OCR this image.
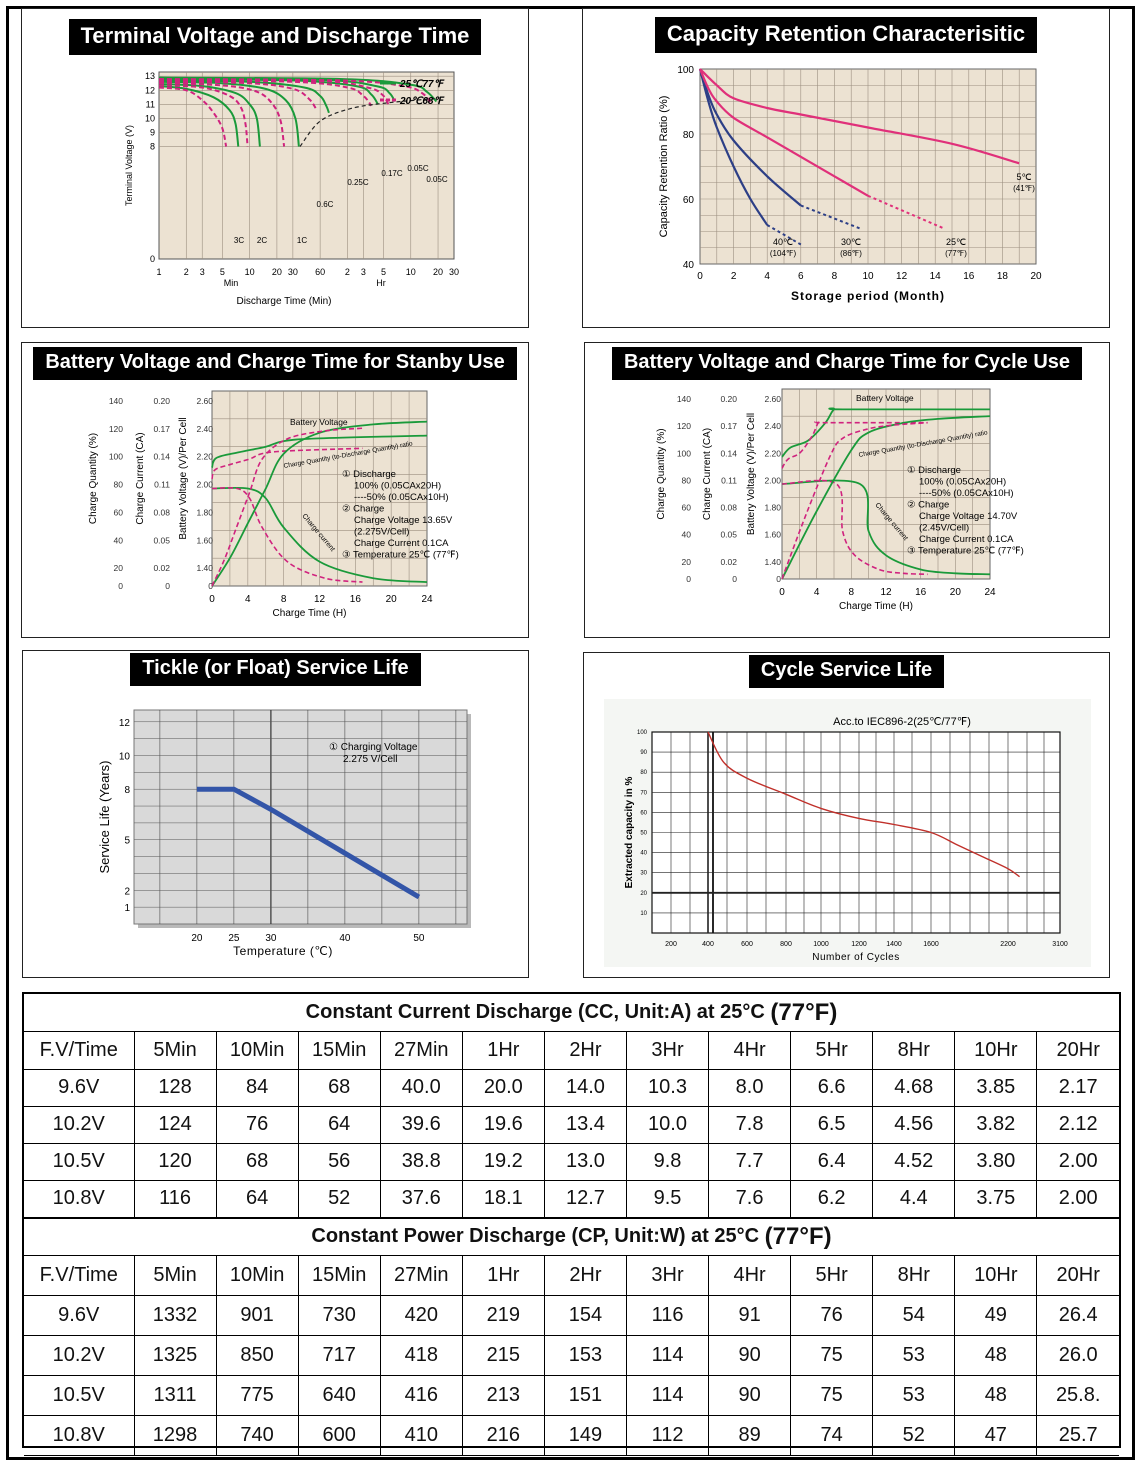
Terminal Voltage and Discharge Time
0
8
9
10
11
12
13
1 2 3 5 10 20 30 60 2 3 5 10 20 30
Min	Hr
Discharge Time (Min)
Terminal Voltage (V)
3C 2C	1C
0.6C
0.25C
0.17C
0.05C
0.05C
25℃77℉
20℃68℉
Capacity Retention Characterisitic
0	2	4	6	8	10 12 14 16 18 20
40
60
80
100
Storage period (Month)
Capacity Retention Ratio (%)
40℃
(104℉)
30℃
(86℉)
25℃
(77℉)
5℃
(41℉)
Battery Voltage and Charge Time for Stanby Use
0	4	8	12 16 20 24
Charge Time (H)
0
20
40
60
80
100
120
140
Charge Quantity (%)
0
0.02
0.05
0.08
0.11
0.14
0.17
0.20
Charge Current (CA)
0
1.40
1.60
1.80
2.00
2.20
2.40
2.60
Battery Voltage (V)/Per Cell	Battery Voltage
Charge Quantity (to-Discharge Quantity) ratio
Charge current
① Discharge
100% (0.05CAx20H)
----50% (0.05CAx10H)
② Charge
Charge Voltage 13.65V
(2.275V/Cell)
Charge Current 0.1CA
③ Temperature 25℃ (77℉)
Battery Voltage and Charge Time for Cycle Use
0	4	8	12 16 20 24
Charge Time (H)
0
20
40
60
80
100
120
140
Charge Quantity (%)
0
0.02
0.05
0.08
0.11
0.14
0.17
0.20
Charge Current (CA)
0
1.40
1.60
1.80
2.00
2.20
2.40
2.60
Battery Voltage (V)/Per Cell
Battery Voltage
Charge Quantity (to-Discharge Quantity) ratio
Charge current
① Discharge
100% (0.05CAx20H)
----50% (0.05CAx10H)
② Charge
Charge Voltage 14.70V
(2.45V/Cell)
Charge Current 0.1CA
③ Temperature 25℃ (77℉)
Tickle (or Float) Service Life
20	25	30	40	50
1
2
5
8
10
12
Temperature (℃)
Service Life (Years)
① Charging Voltage
2.275 V/Cell
Cycle Service Life
200	400	600	800	1000	1200	1400	1600	2200	3100
10
20
30
40
50
60
70
80
90
100
Number of Cycles
Extracted capacity in %
Acc.to IEC896-2(25℃/77℉)
Constant Current Discharge (CC, Unit:A) at 25°C
(77°F)
F.V/Time	5Min	10Min	15Min	27Min	1Hr	2Hr	3Hr	4Hr	5Hr	8Hr	10Hr	20Hr
9.6V	128	84	68	40.0	20.0	14.0	10.3	8.0	6.6	4.68	3.85	2.17
10.2V	124	76	64	39.6	19.6	13.4	10.0	7.8	6.5	4.56	3.82	2.12
10.5V	120	68	56	38.8	19.2	13.0	9.8	7.7	6.4	4.52	3.80	2.00
10.8V	116	64	52	37.6	18.1	12.7	9.5	7.6	6.2	4.4	3.75	2.00
Constant Power Discharge (CP, Unit:W) at 25°C
(77°F)
F.V/Time	5Min	10Min	15Min	27Min	1Hr	2Hr	3Hr	4Hr	5Hr	8Hr	10Hr	20Hr
9.6V	1332	901	730	420	219	154	116	91	76	54	49	26.4
10.2V	1325	850	717	418	215	153	114	90	75	53	48	26.0
10.5V	1311	775	640	416	213	151	114	90	75	53	48	25.8.
10.8V	1298	740	600	410	216	149	112	89	74	52	47	25.7
